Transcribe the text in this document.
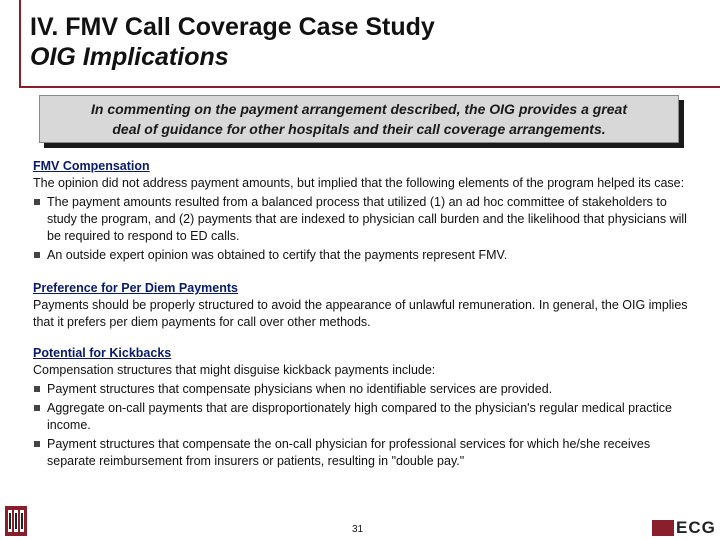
IV. FMV Call Coverage Case Study
OIG Implications
In commenting on the payment arrangement described, the OIG provides a great
deal of guidance for other hospitals and their call coverage arrangements.
FMV Compensation

The opinion did not address payment amounts, but implied that the following elements of the program helped its case:

The payment amounts resulted from a balanced process that utilized (1) an ad hoc committee of stakeholders to study the program, and (2) payments that are indexed to physician call burden and the likelihood that physicians will be required to respond to ED calls.
An outside expert opinion was obtained to certify that the payments represent FMV.
Preference for Per Diem Payments

Payments should be properly structured to avoid the appearance of unlawful remuneration. In general, the OIG implies that it prefers per diem payments for call over other methods.

Potential for Kickbacks

Compensation structures that might disguise kickback payments include:

Payment structures that compensate physicians when no identifiable services are provided.
Aggregate on-call payments that are disproportionately high compared to the physician's regular medical practice income.
Payment structures that compensate the on-call physician for professional services for which he/she receives separate reimbursement from insurers or patients, resulting in "double pay."
31	ECG
